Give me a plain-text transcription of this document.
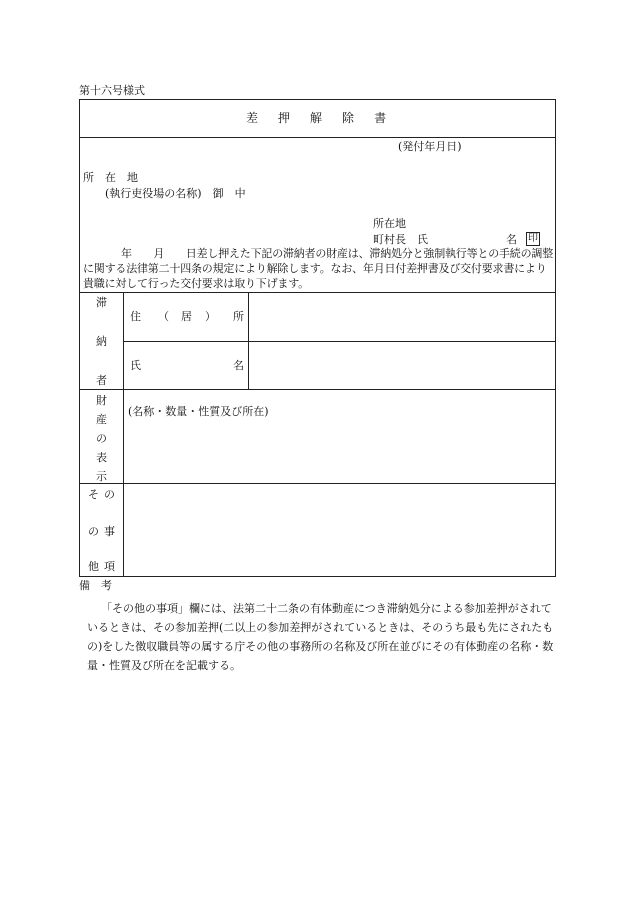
第十六号様式
差 押 解 除 書
(発付年月日)
所　在　地
(執行吏役場の名称)　御　中
所在地
町村長　氏	名 印
年　　月　　日差し押えた下記の滞納者の財産は、滞納処分と強制執行等との手続の調整に関する法律第二十四条の規定により解除します。なお、年月日付差押書及び交付要求書により貴職に対して行った交付要求は取り下げます。
滞
納
者
住 （ 居 ） 所
氏	名
財
産
の
表
示
(名称・数量・性質及び所在)
そ
の
他
の
事
項
備　考
「その他の事項」欄には、法第二十二条の有体動産につき滞納処分による参加差押がされているときは、その参加差押(二以上の参加差押がされているときは、そのうち最も先にされたもの)をした徴収職員等の属する庁その他の事務所の名称及び所在並びにその有体動産の名称・数量・性質及び所在を記載する。
